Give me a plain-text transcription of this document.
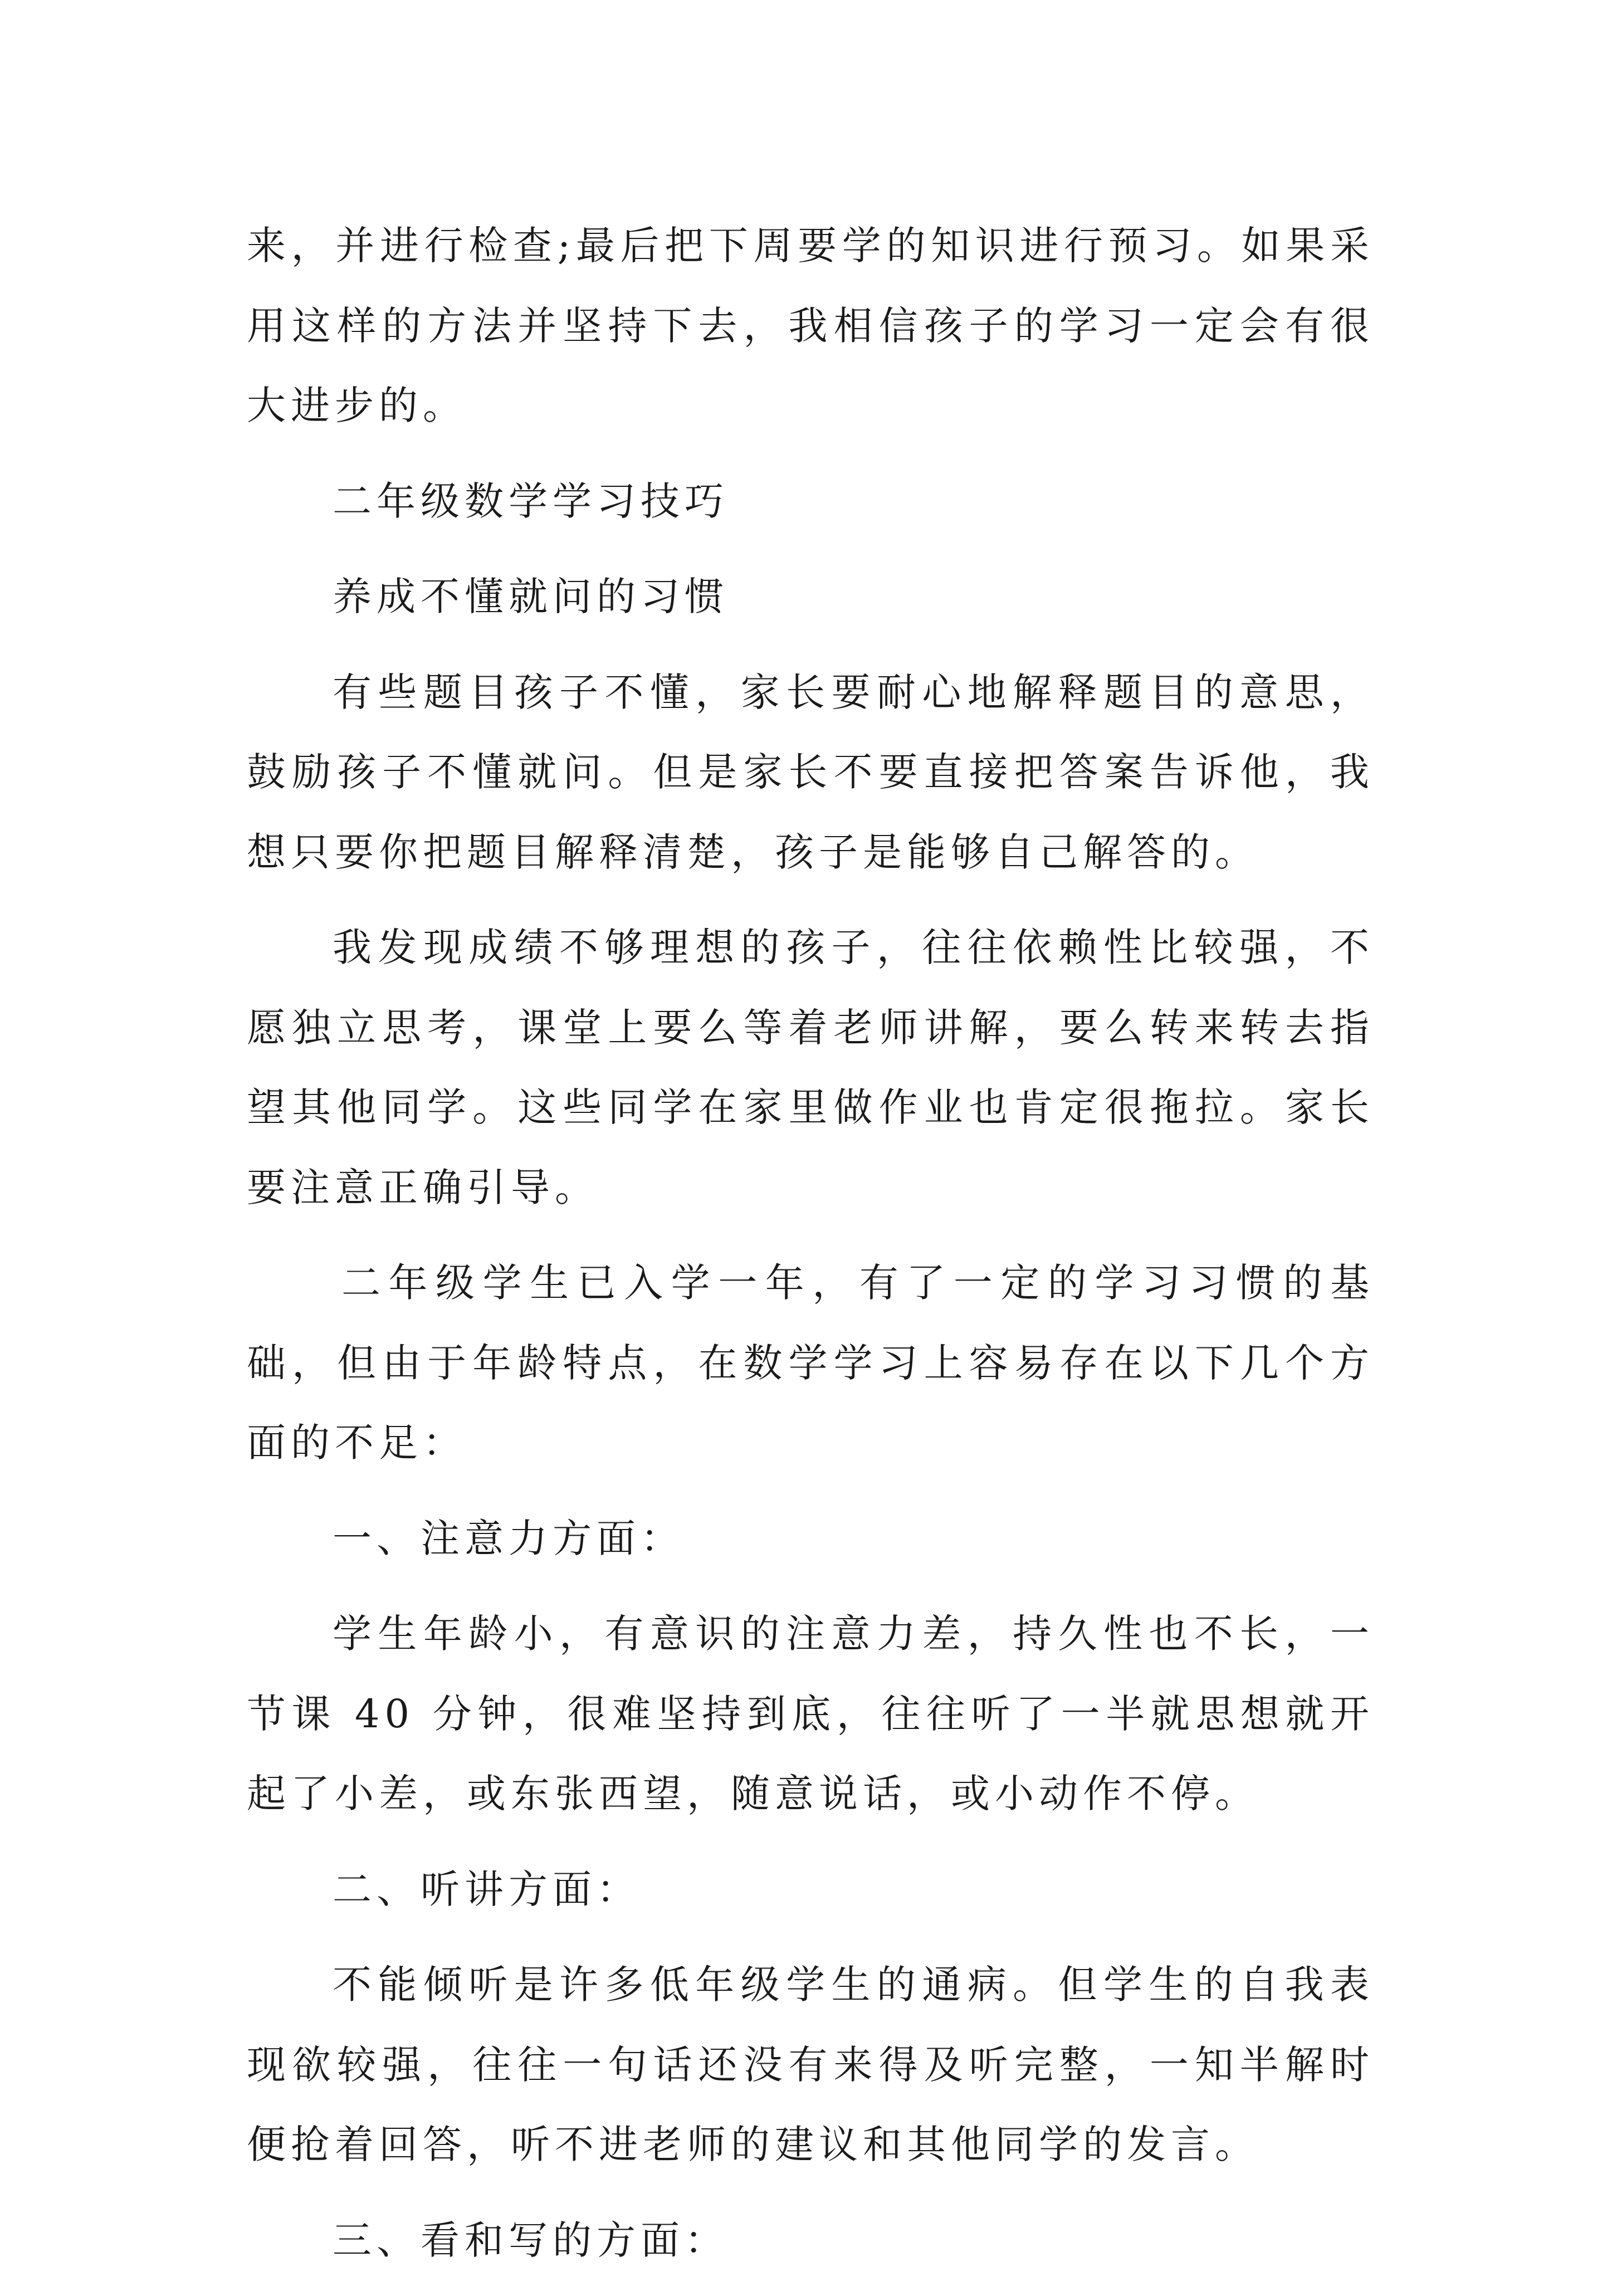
来，并进行检查;最后把下周要学的知识进行预习。如果采用这样的方法并坚持下去，我相信孩子的学习一定会有很大进步的。

二年级数学学习技巧

养成不懂就问的习惯

有些题目孩子不懂，家长要耐心地解释题目的意思，鼓励孩子不懂就问。但是家长不要直接把答案告诉他，我想只要你把题目解释清楚，孩子是能够自己解答的。

我发现成绩不够理想的孩子，往往依赖性比较强，不愿独立思考，课堂上要么等着老师讲解，要么转来转去指望其他同学。这些同学在家里做作业也肯定很拖拉。家长要注意正确引导。

二年级学生已入学一年，有了一定的学习习惯的基础，但由于年龄特点，在数学学习上容易存在以下几个方面的不足：

一、注意力方面：

学生年龄小，有意识的注意力差，持久性也不长，一节课 40 分钟，很难坚持到底，往往听了一半就思想就开起了小差，或东张西望，随意说话，或小动作不停。

二、听讲方面：

不能倾听是许多低年级学生的通病。但学生的自我表现欲较强，往往一句话还没有来得及听完整，一知半解时便抢着回答，听不进老师的建议和其他同学的发言。

三、看和写的方面：
